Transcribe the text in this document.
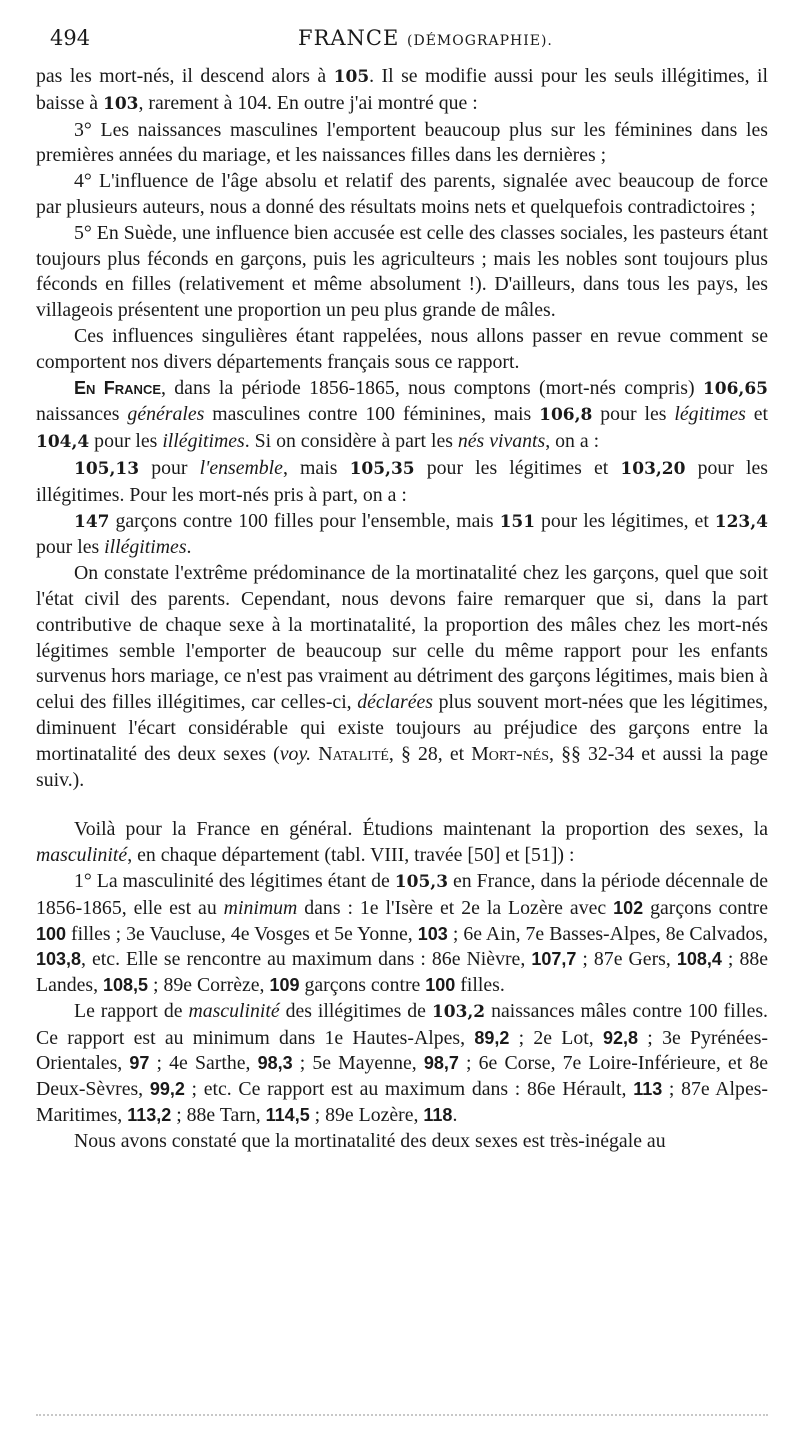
494	FRANCE (DÉMOGRAPHIE).

pas les mort-nés, il descend alors à 105. Il se modifie aussi pour les seuls illégitimes, il baisse à 103, rarement à 104. En outre j'ai montré que :

3° Les naissances masculines l'emportent beaucoup plus sur les féminines dans les premières années du mariage, et les naissances filles dans les dernières ;

4° L'influence de l'âge absolu et relatif des parents, signalée avec beaucoup de force par plusieurs auteurs, nous a donné des résultats moins nets et quelquefois contradictoires ;

5° En Suède, une influence bien accusée est celle des classes sociales, les pasteurs étant toujours plus féconds en garçons, puis les agriculteurs ; mais les nobles sont toujours plus féconds en filles (relativement et même absolument !). D'ailleurs, dans tous les pays, les villageois présentent une proportion un peu plus grande de mâles.

Ces influences singulières étant rappelées, nous allons passer en revue comment se comportent nos divers départements français sous ce rapport.

En France, dans la période 1856-1865, nous comptons (mort-nés compris) 106,65 naissances générales masculines contre 100 féminines, mais 106,8 pour les légitimes et 104,4 pour les illégitimes. Si on considère à part les nés vivants, on a :

105,13 pour l'ensemble, mais 105,35 pour les légitimes et 103,20 pour les illégitimes. Pour les mort-nés pris à part, on a :

147 garçons contre 100 filles pour l'ensemble, mais 151 pour les légitimes, et 123,4 pour les illégitimes.

On constate l'extrême prédominance de la mortinatalité chez les garçons, quel que soit l'état civil des parents. Cependant, nous devons faire remarquer que si, dans la part contributive de chaque sexe à la mortinatalité, la proportion des mâles chez les mort-nés légitimes semble l'emporter de beaucoup sur celle du même rapport pour les enfants survenus hors mariage, ce n'est pas vraiment au détriment des garçons légitimes, mais bien à celui des filles illégitimes, car celles-ci, déclarées plus souvent mort-nées que les légitimes, diminuent l'écart considérable qui existe toujours au préjudice des garçons entre la mortinatalité des deux sexes (voy. Natalité, § 28, et Mort-nés, §§ 32-34 et aussi la page suiv.).

Voilà pour la France en général. Étudions maintenant la proportion des sexes, la masculinité, en chaque département (tabl. VIII, travée [50] et [51]) :

1° La masculinité des légitimes étant de 105,3 en France, dans la période décennale de 1856-1865, elle est au minimum dans : 1e l'Isère et 2e la Lozère avec 102 garçons contre 100 filles ; 3e Vaucluse, 4e Vosges et 5e Yonne, 103 ; 6e Ain, 7e Basses-Alpes, 8e Calvados, 103,8, etc. Elle se rencontre au maximum dans : 86e Nièvre, 107,7 ; 87e Gers, 108,4 ; 88e Landes, 108,5 ; 89e Corrèze, 109 garçons contre 100 filles.

Le rapport de masculinité des illégitimes de 103,2 naissances mâles contre 100 filles. Ce rapport est au minimum dans 1e Hautes-Alpes, 89,2 ; 2e Lot, 92,8 ; 3e Pyrénées-Orientales, 97 ; 4e Sarthe, 98,3 ; 5e Mayenne, 98,7 ; 6e Corse, 7e Loire-Inférieure, et 8e Deux-Sèvres, 99,2 ; etc. Ce rapport est au maximum dans : 86e Hérault, 113 ; 87e Alpes-Maritimes, 113,2 ; 88e Tarn, 114,5 ; 89e Lozère, 118.

Nous avons constaté que la mortinatalité des deux sexes est très-inégale au
